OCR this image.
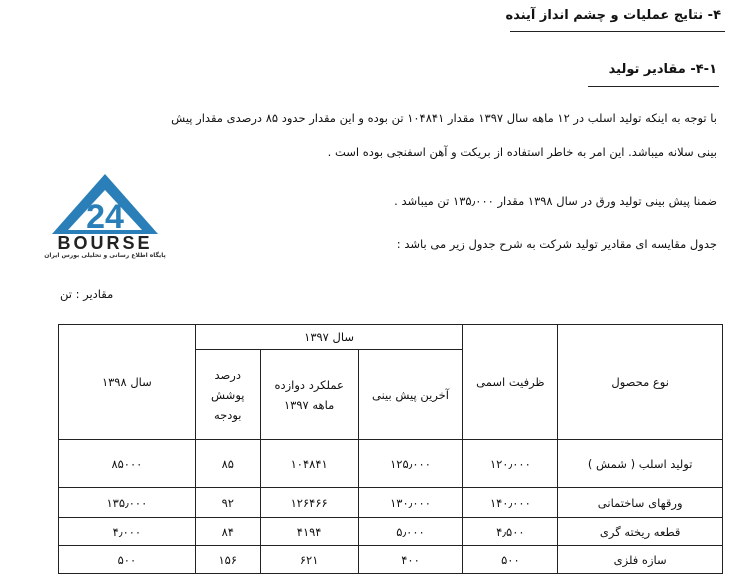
۴- نتایج عملیات و چشم انداز آینده
۴-۱- مقادیر تولید
با توجه به اینکه تولید اسلب در ۱۲ ماهه سال ۱۳۹۷ مقدار ۱۰۴۸۴۱ تن بوده و این مقدار حدود ۸۵ درصدی مقدار پیش
بینی سلانه میباشد. این امر به خاطر استفاده از بریکت و آهن اسفنجی بوده است .
ضمنا پیش بینی تولید ورق در سال ۱۳۹۸ مقدار ۱۳۵٫۰۰۰ تن میباشد .
جدول مقایسه ای مقادیر تولید شرکت به شرح جدول زیر می باشد :
24
BOURSE
پایگاه اطلاع رسانی و تحلیلی بورس ایران
مقادیر : تن
نوع محصول	ظرفیت اسمی	سال ۱۳۹۷			سال ۱۳۹۸
		آخرین پیش بینی	عملکرد دوازده ماهه ۱۳۹۷	درصد پوشش بودجه	
تولید اسلب ( شمش )	۱۲۰٫۰۰۰	۱۲۵٫۰۰۰	۱۰۴۸۴۱	۸۵	۸۵۰۰۰
ورقهای ساختمانی	۱۴۰٫۰۰۰	۱۳۰٫۰۰۰	۱۲۶۴۶۶	۹۲	۱۳۵٫۰۰۰
قطعه ریخته گری	۴٫۵۰۰	۵٫۰۰۰	۴۱۹۴	۸۴	۴٫۰۰۰
سازه فلزی	۵۰۰	۴۰۰	۶۲۱	۱۵۶	۵۰۰
